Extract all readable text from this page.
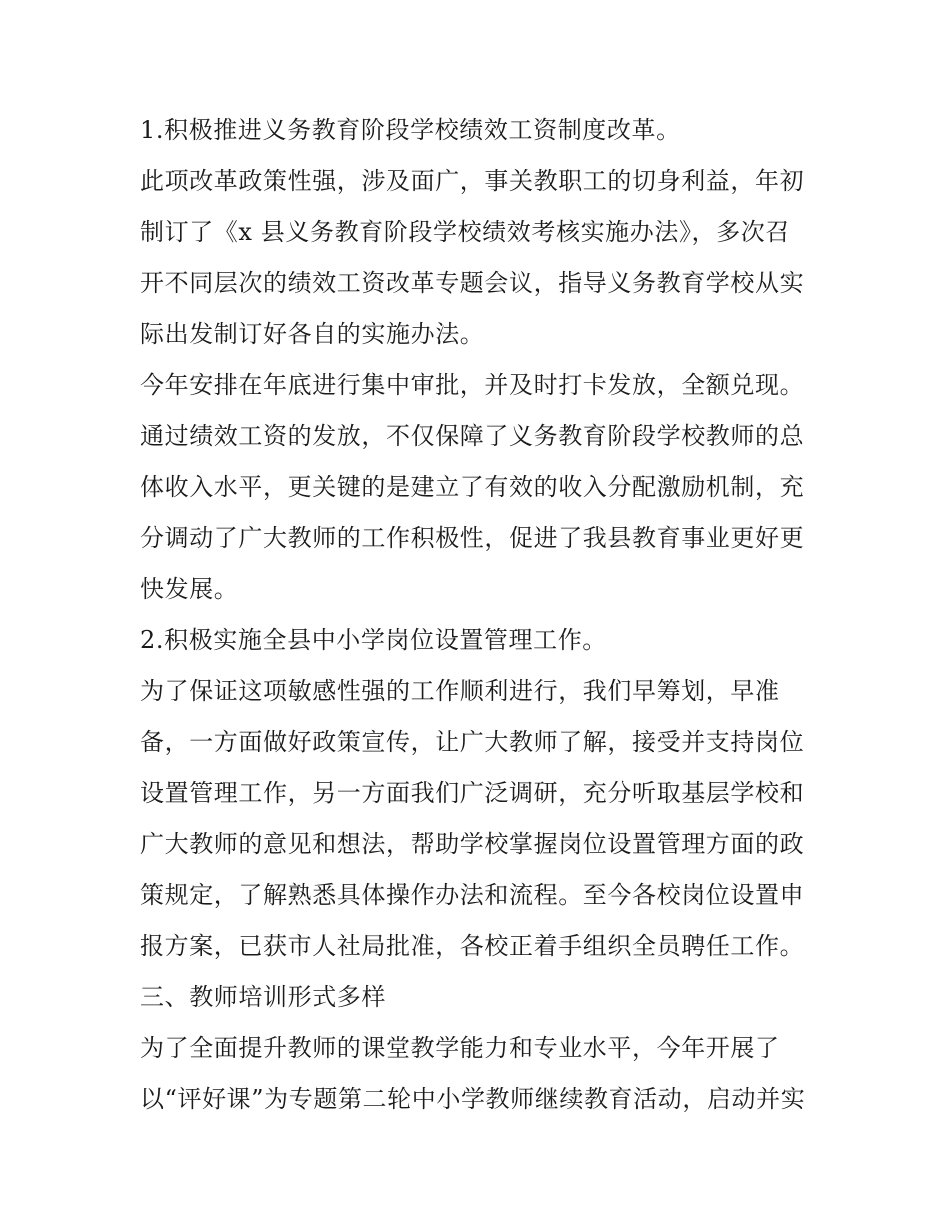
1.积极推进义务教育阶段学校绩效工资制度改革。
此项改革政策性强，涉及面广，事关教职工的切身利益，年初
制订了《x 县义务教育阶段学校绩效考核实施办法》，多次召
开不同层次的绩效工资改革专题会议，指导义务教育学校从实
际出发制订好各自的实施办法。
今年安排在年底进行集中审批，并及时打卡发放，全额兑现。
通过绩效工资的发放，不仅保障了义务教育阶段学校教师的总
体收入水平，更关键的是建立了有效的收入分配激励机制，充
分调动了广大教师的工作积极性，促进了我县教育事业更好更
快发展。
2.积极实施全县中小学岗位设置管理工作。
为了保证这项敏感性强的工作顺利进行，我们早筹划，早准
备，一方面做好政策宣传，让广大教师了解，接受并支持岗位
设置管理工作，另一方面我们广泛调研，充分听取基层学校和
广大教师的意见和想法，帮助学校掌握岗位设置管理方面的政
策规定，了解熟悉具体操作办法和流程。至今各校岗位设置申
报方案，已获市人社局批准，各校正着手组织全员聘任工作。
三、教师培训形式多样
为了全面提升教师的课堂教学能力和专业水平，今年开展了
以“评好课”为专题第二轮中小学教师继续教育活动，启动并实
